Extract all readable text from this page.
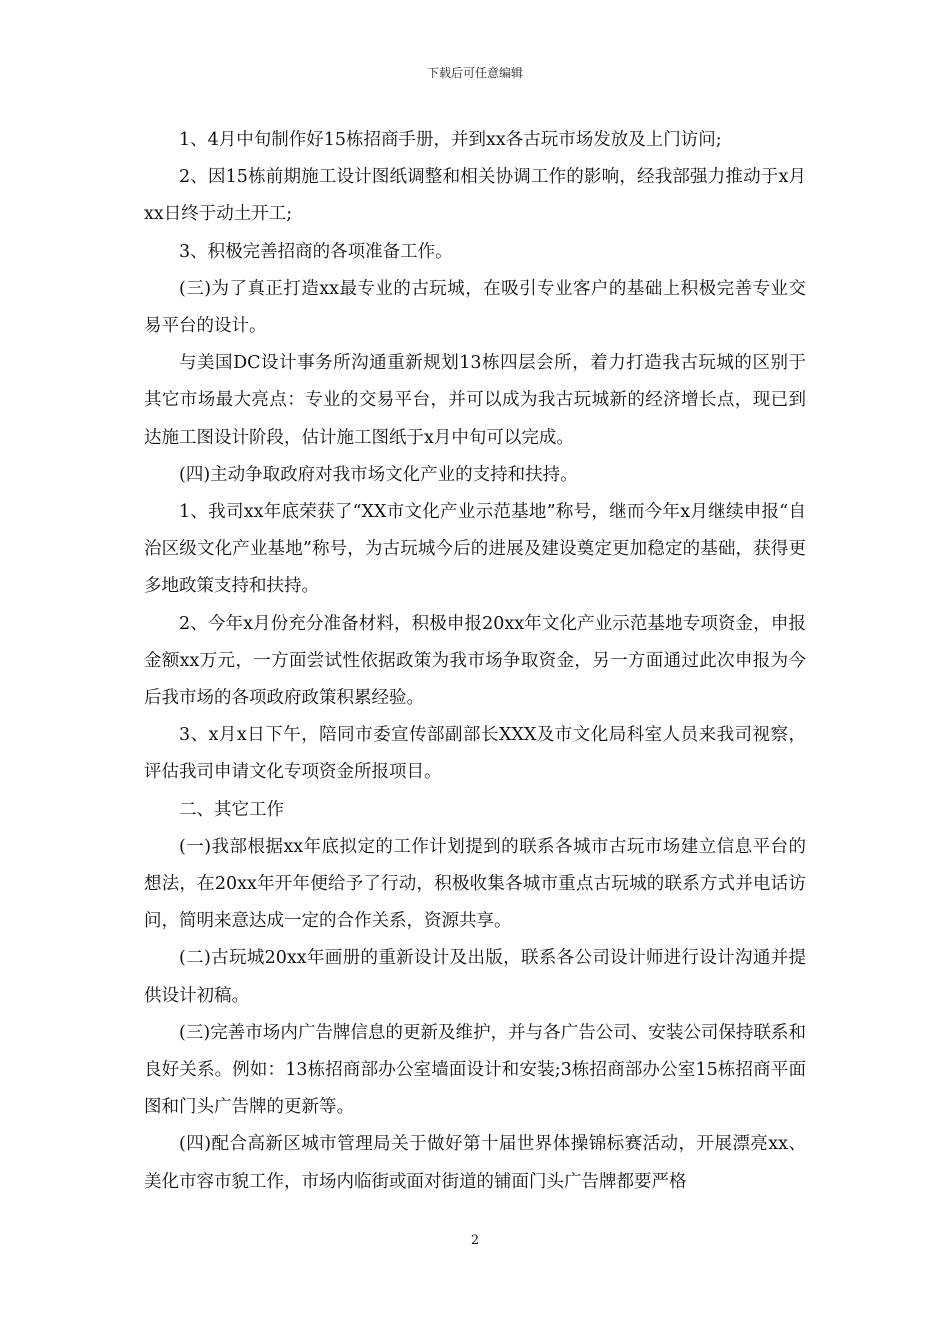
下载后可任意编辑

1、4月中旬制作好15栋招商手册，并到xx各古玩市场发放及上门访问;

2、因15栋前期施工设计图纸调整和相关协调工作的影响，经我部强力推动于x月xx日终于动土开工;

3、积极完善招商的各项准备工作。

(三)为了真正打造xx最专业的古玩城，在吸引专业客户的基础上积极完善专业交易平台的设计。

与美国DC设计事务所沟通重新规划13栋四层会所，着力打造我古玩城的区别于其它市场最大亮点：专业的交易平台，并可以成为我古玩城新的经济增长点，现已到达施工图设计阶段，估计施工图纸于x月中旬可以完成。

(四)主动争取政府对我市场文化产业的支持和扶持。

1、我司xx年底荣获了“XX市文化产业示范基地”称号，继而今年x月继续申报“自治区级文化产业基地”称号，为古玩城今后的进展及建设奠定更加稳定的基础，获得更多地政策支持和扶持。

2、今年x月份充分准备材料，积极申报20xx年文化产业示范基地专项资金，申报金额xx万元，一方面尝试性依据政策为我市场争取资金，另一方面通过此次申报为今后我市场的各项政府政策积累经验。

3、x月x日下午，陪同市委宣传部副部长XXX及市文化局科室人员来我司视察，评估我司申请文化专项资金所报项目。

二、其它工作

(一)我部根据xx年底拟定的工作计划提到的联系各城市古玩市场建立信息平台的想法，在20xx年开年便给予了行动，积极收集各城市重点古玩城的联系方式并电话访问，简明来意达成一定的合作关系，资源共享。

(二)古玩城20xx年画册的重新设计及出版，联系各公司设计师进行设计沟通并提供设计初稿。

(三)完善市场内广告牌信息的更新及维护，并与各广告公司、安装公司保持联系和良好关系。例如：13栋招商部办公室墙面设计和安装;3栋招商部办公室15栋招商平面图和门头广告牌的更新等。

(四)配合高新区城市管理局关于做好第十届世界体操锦标赛活动，开展漂亮xx、美化市容市貌工作，市场内临街或面对街道的铺面门头广告牌都要严格

2
